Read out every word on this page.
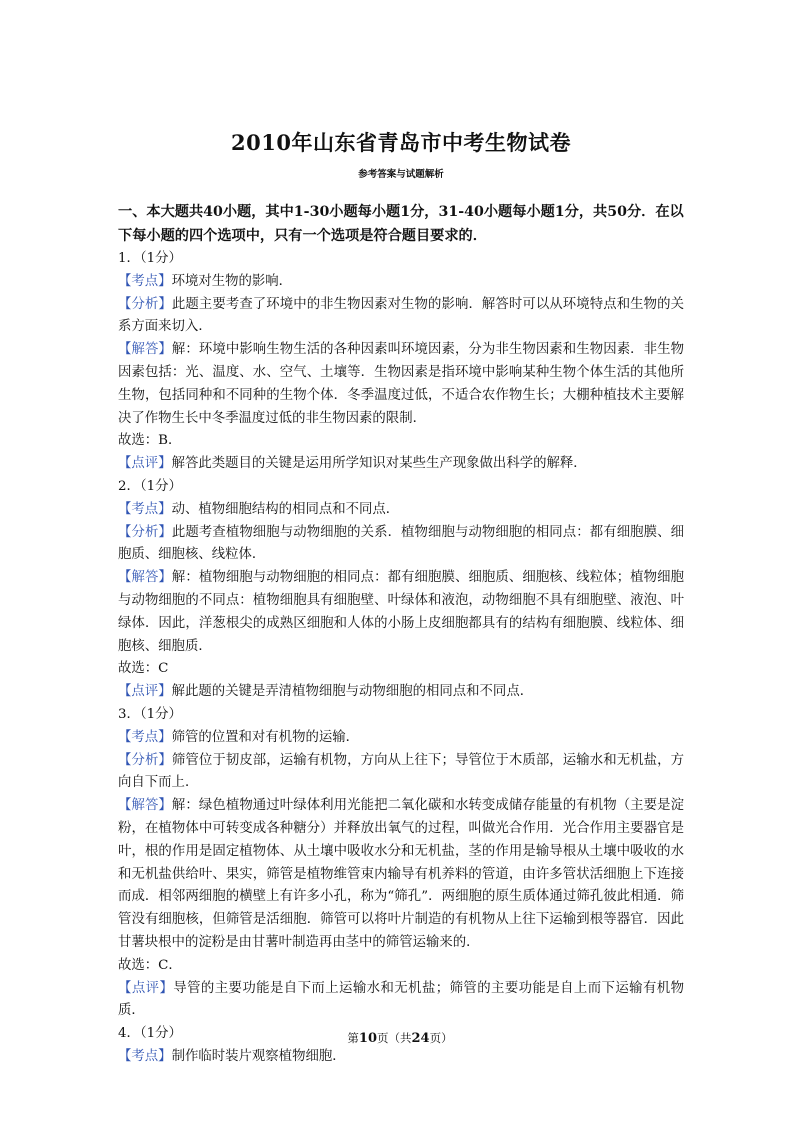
2010年山东省青岛市中考生物试卷
参考答案与试题解析
一、本大题共40小题，其中1-30小题每小题1分，31-40小题每小题1分，共50分．在以下每小题的四个选项中，只有一个选项是符合题目要求的．

1．（1分）

【考点】环境对生物的影响．

【分析】此题主要考查了环境中的非生物因素对生物的影响．解答时可以从环境特点和生物的关系方面来切入．

【解答】解：环境中影响生物生活的各种因素叫环境因素，分为非生物因素和生物因素．非生物因素包括：光、温度、水、空气、土壤等．生物因素是指环境中影响某种生物个体生活的其他所生物，包括同种和不同种的生物个体．冬季温度过低，不适合农作物生长；大棚种植技术主要解决了作物生长中冬季温度过低的非生物因素的限制．

故选：B．

【点评】解答此类题目的关键是运用所学知识对某些生产现象做出科学的解释．

2．（1分）

【考点】动、植物细胞结构的相同点和不同点．

【分析】此题考查植物细胞与动物细胞的关系．植物细胞与动物细胞的相同点：都有细胞膜、细胞质、细胞核、线粒体．

【解答】解：植物细胞与动物细胞的相同点：都有细胞膜、细胞质、细胞核、线粒体；植物细胞与动物细胞的不同点：植物细胞具有细胞壁、叶绿体和液泡，动物细胞不具有细胞壁、液泡、叶绿体．因此，洋葱根尖的成熟区细胞和人体的小肠上皮细胞都具有的结构有细胞膜、线粒体、细胞核、细胞质．

故选：C

【点评】解此题的关键是弄清植物细胞与动物细胞的相同点和不同点．

3．（1分）

【考点】筛管的位置和对有机物的运输．

【分析】筛管位于韧皮部，运输有机物，方向从上往下；导管位于木质部，运输水和无机盐，方向自下而上．

【解答】解：绿色植物通过叶绿体利用光能把二氧化碳和水转变成储存能量的有机物（主要是淀粉，在植物体中可转变成各种糖分）并释放出氧气的过程，叫做光合作用．光合作用主要器官是叶，根的作用是固定植物体、从土壤中吸收水分和无机盐，茎的作用是输导根从土壤中吸收的水和无机盐供给叶、果实，筛管是植物维管束内输导有机养料的管道，由许多管状活细胞上下连接而成．相邻两细胞的横壁上有许多小孔，称为“筛孔”．两细胞的原生质体通过筛孔彼此相通．筛管没有细胞核，但筛管是活细胞．筛管可以将叶片制造的有机物从上往下运输到根等器官．因此甘薯块根中的淀粉是由甘薯叶制造再由茎中的筛管运输来的．

故选：C．

【点评】导管的主要功能是自下而上运输水和无机盐；筛管的主要功能是自上而下运输有机物质．

4．（1分）

【考点】制作临时装片观察植物细胞．

第10页（共24页）
